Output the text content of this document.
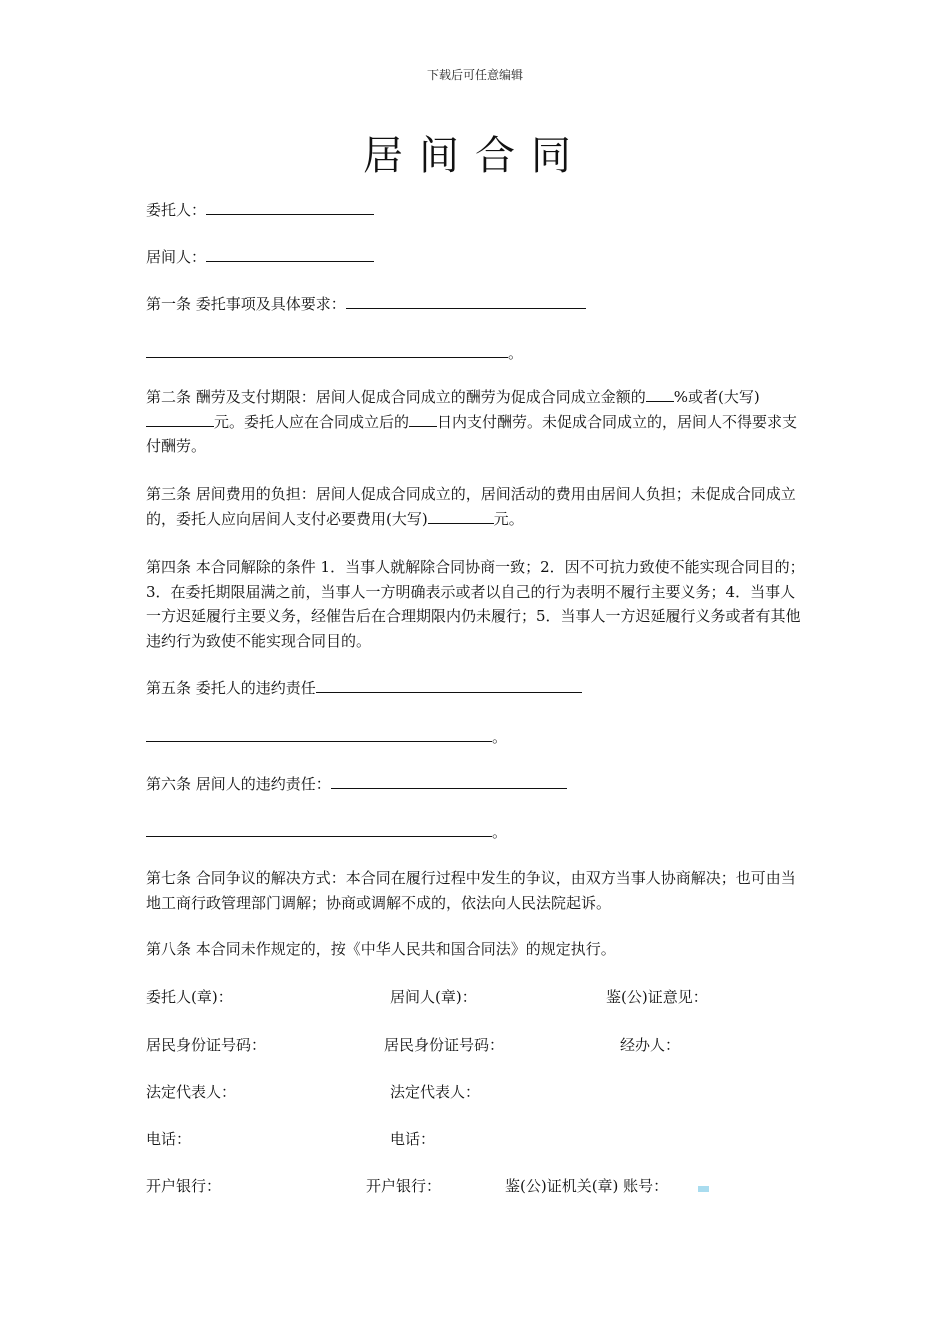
下载后可任意编辑
居间合同
委托人：
居间人：
第一条 委托事项及具体要求：
。
第二条 酬劳及支付期限：居间人促成合同成立的酬劳为促成合同成立金额的 %或者(大写)元。委托人应在合同成立后的 日内支付酬劳。未促成合同成立的，居间人不得要求支付酬劳。
第三条 居间费用的负担：居间人促成合同成立的，居间活动的费用由居间人负担；未促成合同成立的，委托人应向居间人支付必要费用(大写)	元。
第四条 本合同解除的条件 1．当事人就解除合同协商一致；2．因不可抗力致使不能实现合同目的；3．在委托期限届满之前，当事人一方明确表示或者以自己的行为表明不履行主要义务；4．当事人一方迟延履行主要义务，经催告后在合理期限内仍未履行；5．当事人一方迟延履行义务或者有其他违约行为致使不能实现合同目的。
第五条 委托人的违约责任
。
第六条 居间人的违约责任：
。
第七条 合同争议的解决方式：本合同在履行过程中发生的争议，由双方当事人协商解决；也可由当地工商行政管理部门调解；协商或调解不成的，依法向人民法院起诉。
第八条 本合同未作规定的，按《中华人民共和国合同法》的规定执行。
委托人(章)：	居间人(章)：	鉴(公)证意见：
居民身份证号码：	居民身份证号码：	经办人：
法定代表人：	法定代表人：
电话：	电话：
开户银行：	开户银行：	鉴(公)证机关(章) 账号：
